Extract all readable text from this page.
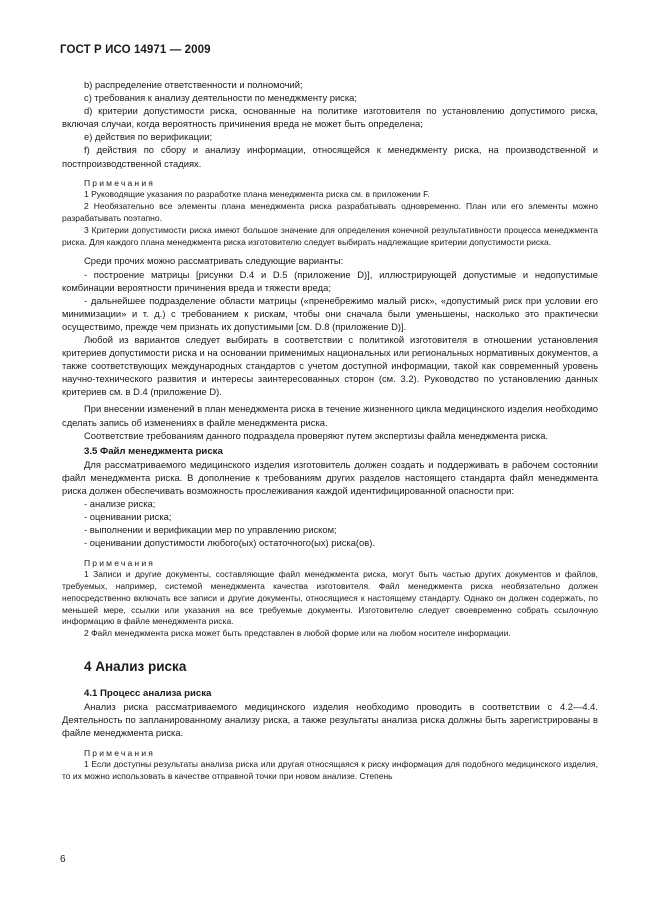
ГОСТ Р ИСО 14971 — 2009

b) распределение ответственности и полномочий;

c) требования к анализу деятельности по менеджменту риска;

d) критерии допустимости риска, основанные на политике изготовителя по установлению допустимого риска, включая случаи, когда вероятность причинения вреда не может быть определена;

e) действия по верификации;

f) действия по сбору и анализу информации, относящейся к менеджменту риска, на производственной и постпроизводственной стадиях.

Примечания

1 Руководящие указания по разработке плана менеджмента риска см. в приложении F.

2 Необязательно все элементы плана менеджмента риска разрабатывать одновременно. План или его элементы можно разрабатывать поэтапно.

3 Критерии допустимости риска имеют большое значение для определения конечной результативности процесса менеджмента риска. Для каждого плана менеджмента риска изготовителю следует выбирать надлежащие критерии допустимости риска.

Среди прочих можно рассматривать следующие варианты:

- построение матрицы [рисунки D.4 и D.5 (приложение D)], иллюстрирующей допустимые и недопустимые комбинации вероятности причинения вреда и тяжести вреда;

- дальнейшее подразделение области матрицы («пренебрежимо малый риск», «допустимый риск при условии его минимизации» и т. д.) с требованием к рискам, чтобы они сначала были уменьшены, насколько это практически осуществимо, прежде чем признать их допустимыми [см. D.8 (приложение D)].

Любой из вариантов следует выбирать в соответствии с политикой изготовителя в отношении установления критериев допустимости риска и на основании применимых национальных или региональных нормативных документов, а также соответствующих международных стандартов с учетом доступной информации, такой как современный уровень научно-технического развития и интересы заинтересованных сторон (см. 3.2). Руководство по установлению данных критериев см. в D.4 (приложение D).

При внесении изменений в план менеджмента риска в течение жизненного цикла медицинского изделия необходимо сделать запись об изменениях в файле менеджмента риска.

Соответствие требованиям данного подраздела проверяют путем экспертизы файла менеджмента риска.

3.5 Файл менеджмента риска

Для рассматриваемого медицинского изделия изготовитель должен создать и поддерживать в рабочем состоянии файл менеджмента риска. В дополнение к требованиям других разделов настоящего стандарта файл менеджмента риска должен обеспечивать возможность прослеживания каждой идентифицированной опасности при:

- анализе риска;

- оценивании риска;

- выполнении и верификации мер по управлению риском;

- оценивании допустимости любого(ых) остаточного(ых) риска(ов).

Примечания

1 Записи и другие документы, составляющие файл менеджмента риска, могут быть частью других документов и файлов, требуемых, например, системой менеджмента качества изготовителя. Файл менеджмента риска необязательно должен непосредственно включать все записи и другие документы, относящиеся к настоящему стандарту. Однако он должен содержать, по меньшей мере, ссылки или указания на все требуемые документы. Изготовителю следует своевременно собрать ссылочную информацию в файле менеджмента риска.

2 Файл менеджмента риска может быть представлен в любой форме или на любом носителе информации.

4 Анализ риска
4.1 Процесс анализа риска

Анализ риска рассматриваемого медицинского изделия необходимо проводить в соответствии с 4.2—4.4. Деятельность по запланированному анализу риска, а также результаты анализа риска должны быть зарегистрированы в файле менеджмента риска.

Примечания

1 Если доступны результаты анализа риска или другая относящаяся к риску информация для подобного медицинского изделия, то их можно использовать в качестве отправной точки при новом анализе. Степень

6
